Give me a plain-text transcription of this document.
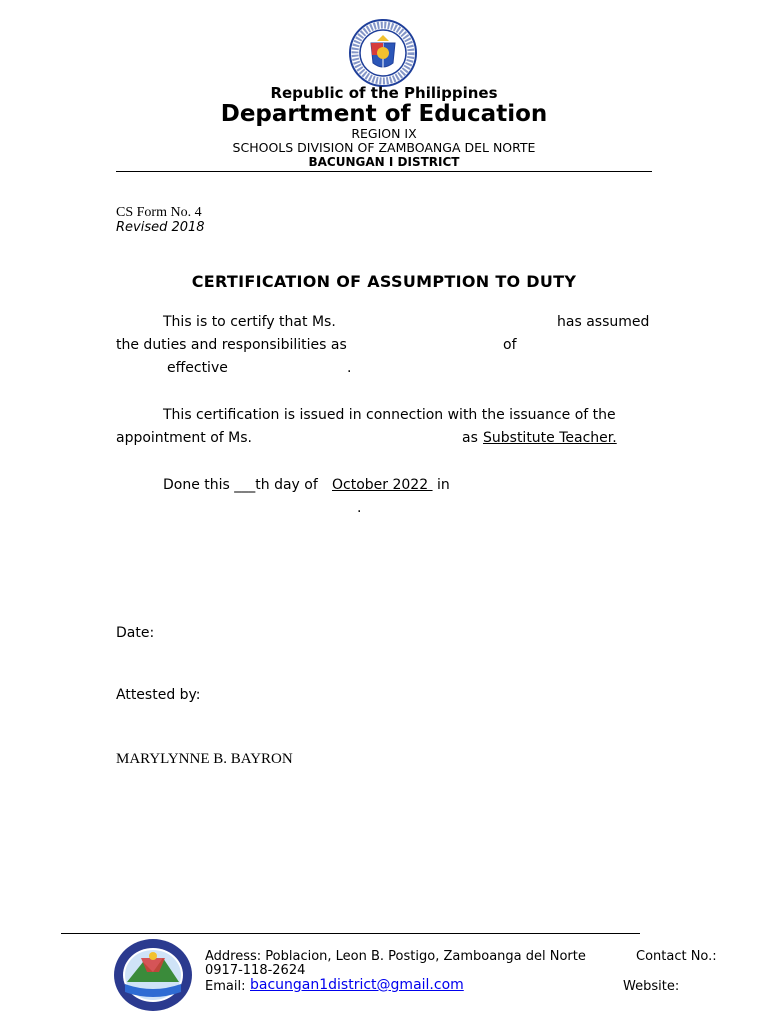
Republic of the Philippines
Department of Education
REGION IX
SCHOOLS DIVISION OF ZAMBOANGA DEL NORTE
BACUNGAN I DISTRICT
CS Form No. 4
Revised 2018
CERTIFICATION OF ASSUMPTION TO DUTY
This is to certify that Ms.	has assumed
the duties and responsibilities as	of
effective	.
This certification is issued in connection with the issuance of the
appointment of Ms.	as Substitute Teacher.
Done this ___th day of October 2022 in
.
Date:
Attested by:
MARYLYNNE B. BAYRON
Address: Poblacion, Leon B. Postigo, Zamboanga del Norte	Contact No.:
0917-118-2624
Email: bacungan1district@gmail.com	Website:
